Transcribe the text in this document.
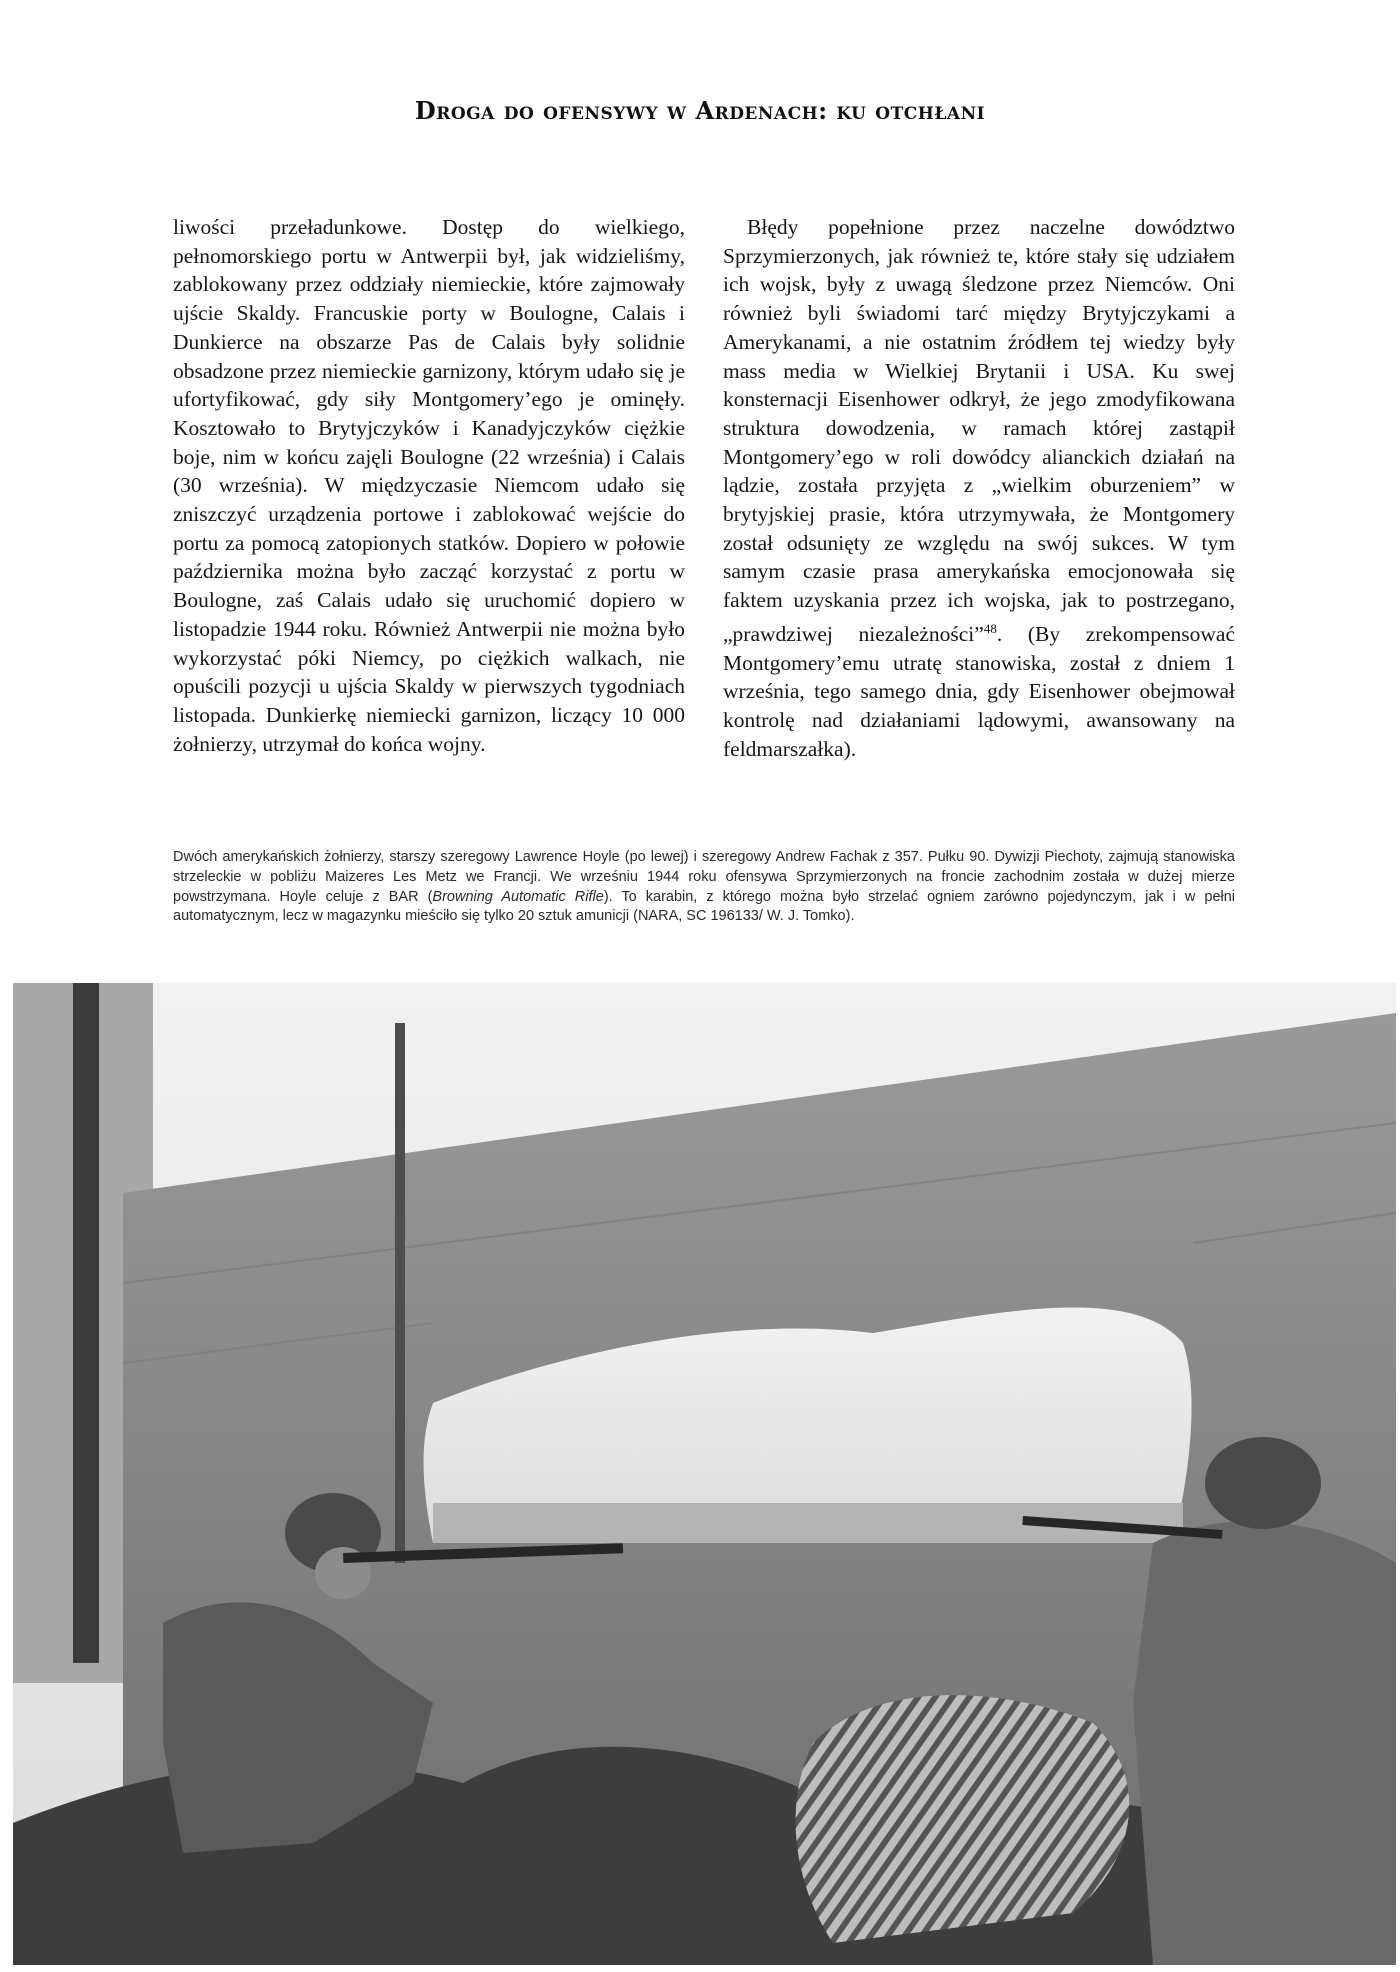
Droga do ofensywy w Ardenach: ku otchłani

liwości przeładunkowe. Dostęp do wielkiego, pełnomorskiego portu w Antwerpii był, jak widzieliśmy, zablokowany przez oddziały niemieckie, które zajmowały ujście Skaldy. Francuskie porty w Boulogne, Calais i Dunkierce na obszarze Pas de Calais były solidnie obsadzone przez niemieckie garnizony, którym udało się je ufortyfikować, gdy siły Montgomery’ego je ominęły. Kosztowało to Brytyjczyków i Kanadyjczyków ciężkie boje, nim w końcu zajęli Boulogne (22 września) i Calais (30 września). W międzyczasie Niemcom udało się zniszczyć urządzenia portowe i zablokować wejście do portu za pomocą zatopionych statków. Dopiero w połowie października można było zacząć korzystać z portu w Boulogne, zaś Calais udało się uruchomić dopiero w listopadzie 1944 roku. Również Antwerpii nie można było wykorzystać póki Niemcy, po ciężkich walkach, nie opuścili pozycji u ujścia Skaldy w pierwszych tygodniach listopada. Dunkierkę niemiecki garnizon, liczący 10 000 żołnierzy, utrzymał do końca wojny.

Błędy popełnione przez naczelne dowództwo Sprzymierzonych, jak również te, które stały się udziałem ich wojsk, były z uwagą śledzone przez Niemców. Oni również byli świadomi tarć między Brytyjczykami a Amerykanami, a nie ostatnim źródłem tej wiedzy były mass media w Wielkiej Brytanii i USA. Ku swej konsternacji Eisenhower odkrył, że jego zmodyfikowana struktura dowodzenia, w ramach której zastąpił Montgomery’ego w roli dowódcy alianckich działań na lądzie, została przyjęta z „wielkim oburzeniem” w brytyjskiej prasie, która utrzymywała, że Montgomery został odsunięty ze względu na swój sukces. W tym samym czasie prasa amerykańska emocjonowała się faktem uzyskania przez ich wojska, jak to postrzegano, „prawdziwej niezależności”$^{48}$. (By zrekompensować Montgomery’emu utratę stanowiska, został z dniem 1 września, tego samego dnia, gdy Eisenhower obejmował kontrolę nad działaniami lądowymi, awansowany na feldmarszałka).

Dwóch amerykańskich żołnierzy, starszy szeregowy Lawrence Hoyle (po lewej) i szeregowy Andrew Fachak z 357. Pułku 90. Dywizji Piechoty, zajmują stanowiska strzeleckie w pobliżu Maizeres Les Metz we Francji. We wrześniu 1944 roku ofensywa Sprzymierzonych na froncie zachodnim została w dużej mierze powstrzymana. Hoyle celuje z BAR (Browning Automatic Rifle). To karabin, z którego można było strzelać ogniem zarówno pojedynczym, jak i w pełni automatycznym, lecz w magazynku mieściło się tylko 20 sztuk amunicji (NARA, SC 196133/ W. J. Tomko).
